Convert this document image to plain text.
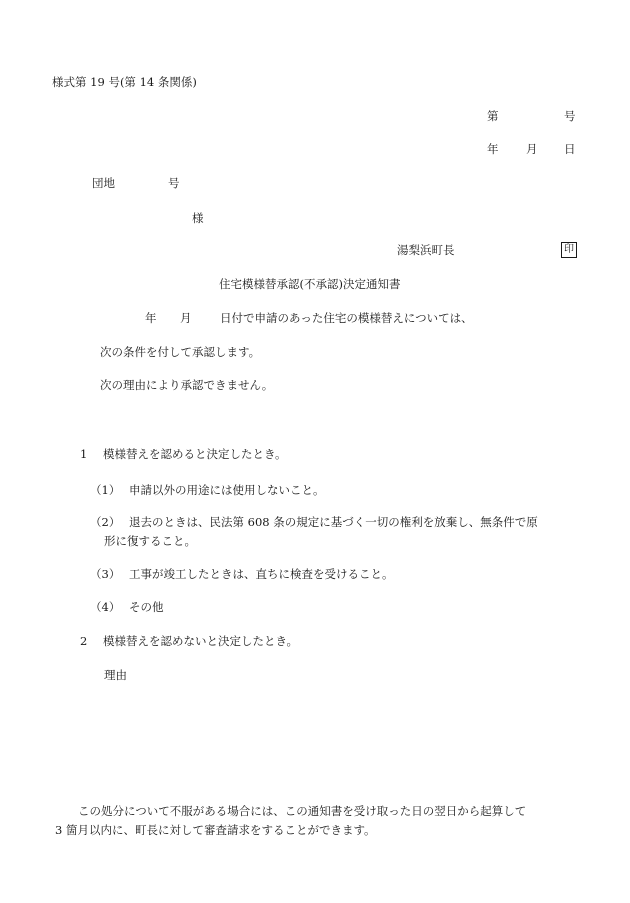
様式第 19 号(第 14 条関係)
第	号
年 月 日
団地	号
様
湯梨浜町長	印
住宅模様替承認(不承認)決定通知書
年 月 日付で申請のあった住宅の模様替えについては、
次の条件を付して承認します。
次の理由により承認できません。
1 模様替えを認めると決定したとき。
（1） 申請以外の用途には使用しないこと。
（2） 退去のときは、民法第 608 条の規定に基づく一切の権利を放棄し、無条件で原
形に復すること。
（3） 工事が竣工したときは、直ちに検査を受けること。
（4） その他
2 模様替えを認めないと決定したとき。
理由
この処分について不服がある場合には、この通知書を受け取った日の翌日から起算して
3 箇月以内に、町長に対して審査請求をすることができます。
